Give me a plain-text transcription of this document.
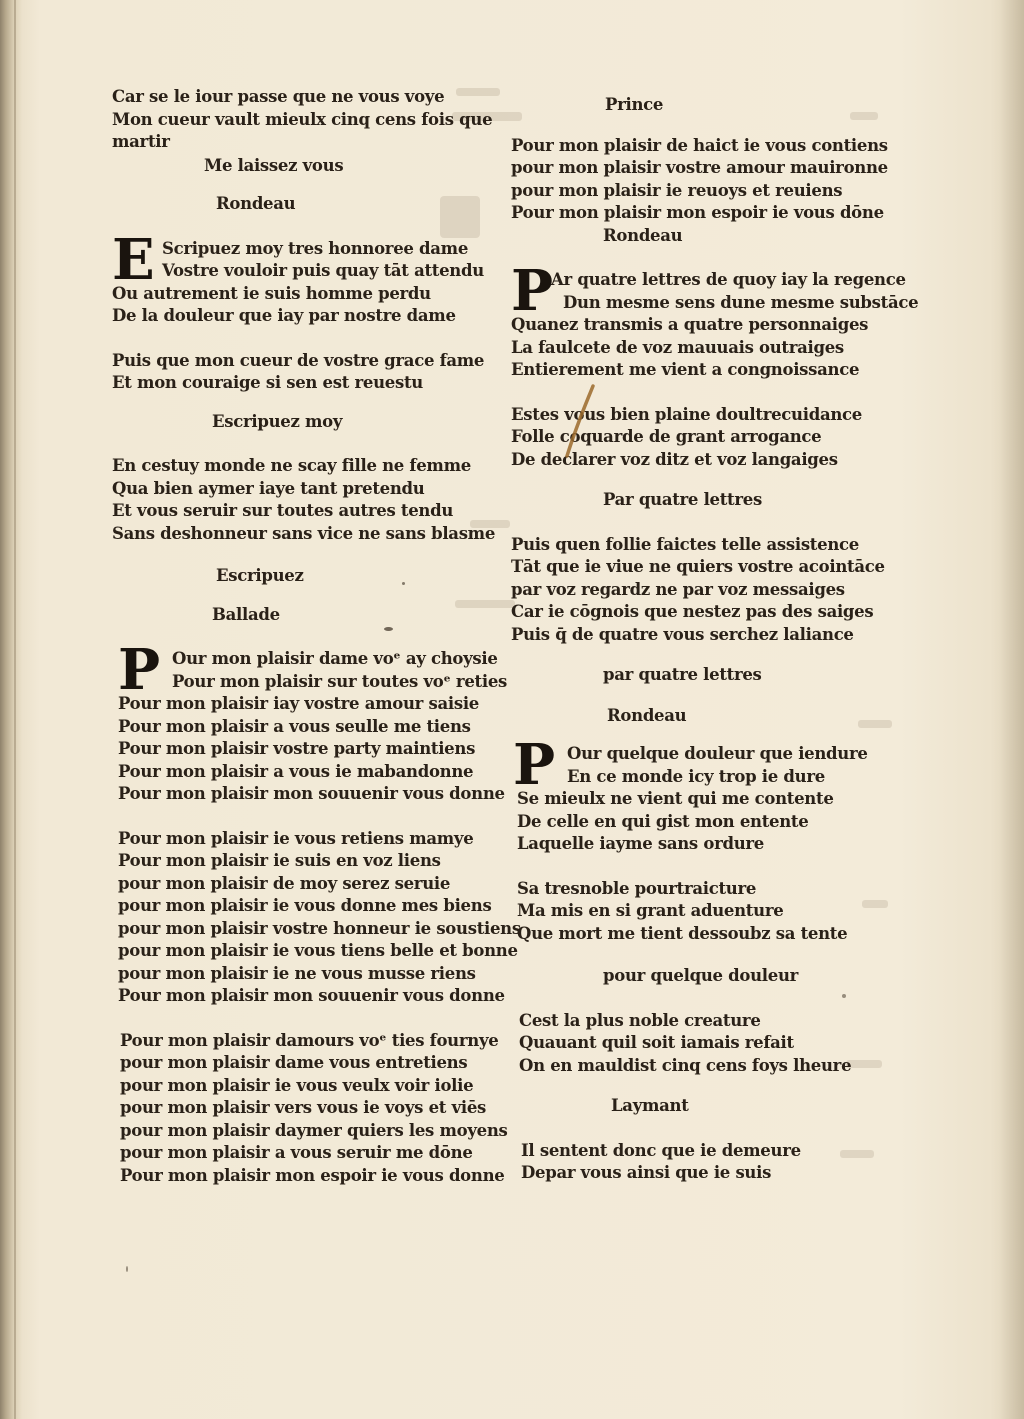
Car se le iour passe que ne vous voye
Mon cueur vault mieulx cinq cens fois que
martir
Me laissez vous
Rondeau
E Scripuez moy tres honnoree dame
Vostre vouloir puis quay tāt attendu
Ou autrement ie suis homme perdu
De la douleur que iay par nostre dame
Puis que mon cueur de vostre grace fame
Et mon couraige si sen est reuestu
Escripuez moy
En cestuy monde ne scay fille ne femme
Qua bien aymer iaye tant pretendu
Et vous seruir sur toutes autres tendu
Sans deshonneur sans vice ne sans blasme
Escripuez
Ballade
P Our mon plaisir dame voᵉ ay choysie
Pour mon plaisir sur toutes voᵉ reties
Pour mon plaisir iay vostre amour saisie
Pour mon plaisir a vous seulle me tiens
Pour mon plaisir vostre party maintiens
Pour mon plaisir a vous ie mabandonne
Pour mon plaisir mon souuenir vous donne
Pour mon plaisir ie vous retiens mamye
Pour mon plaisir ie suis en voz liens
pour mon plaisir de moy serez seruie
pour mon plaisir ie vous donne mes biens
pour mon plaisir vostre honneur ie soustiens
pour mon plaisir ie vous tiens belle et bonne
pour mon plaisir ie ne vous musse riens
Pour mon plaisir mon souuenir vous donne
Pour mon plaisir damours voᵉ ties fournye
pour mon plaisir dame vous entretiens
pour mon plaisir ie vous veulx voir iolie
pour mon plaisir vers vous ie voys et viēs
pour mon plaisir daymer quiers les moyens
pour mon plaisir a vous seruir me dōne
Pour mon plaisir mon espoir ie vous donne
Prince
Pour mon plaisir de haict ie vous contiens
pour mon plaisir vostre amour mauironne
pour mon plaisir ie reuoys et reuiens
Pour mon plaisir mon espoir ie vous dōne
Rondeau
P
Ar quatre lettres de quoy iay la regence
Dun mesme sens dune mesme substāce
Quanez transmis a quatre personnaiges
La faulcete de voz mauuais outraiges
Entierement me vient a congnoissance
Estes vous bien plaine doultrecuidance
Folle coquarde de grant arrogance
De declarer voz ditz et voz langaiges
Par quatre lettres
Puis quen follie faictes telle assistence
Tāt que ie viue ne quiers vostre acointāce
par voz regardz ne par voz messaiges
Car ie cōgnois que nestez pas des saiges
Puis q̄ de quatre vous serchez laliance
par quatre lettres
Rondeau
P Our quelque douleur que iendure
En ce monde icy trop ie dure
Se mieulx ne vient qui me contente
De celle en qui gist mon entente
Laquelle iayme sans ordure
Sa tresnoble pourtraicture
Ma mis en si grant aduenture
Que mort me tient dessoubz sa tente
pour quelque douleur
Cest la plus noble creature
Quauant quil soit iamais refait
On en mauldist cinq cens foys lheure
Laymant
Il sentent donc que ie demeure
Depar vous ainsi que ie suis
